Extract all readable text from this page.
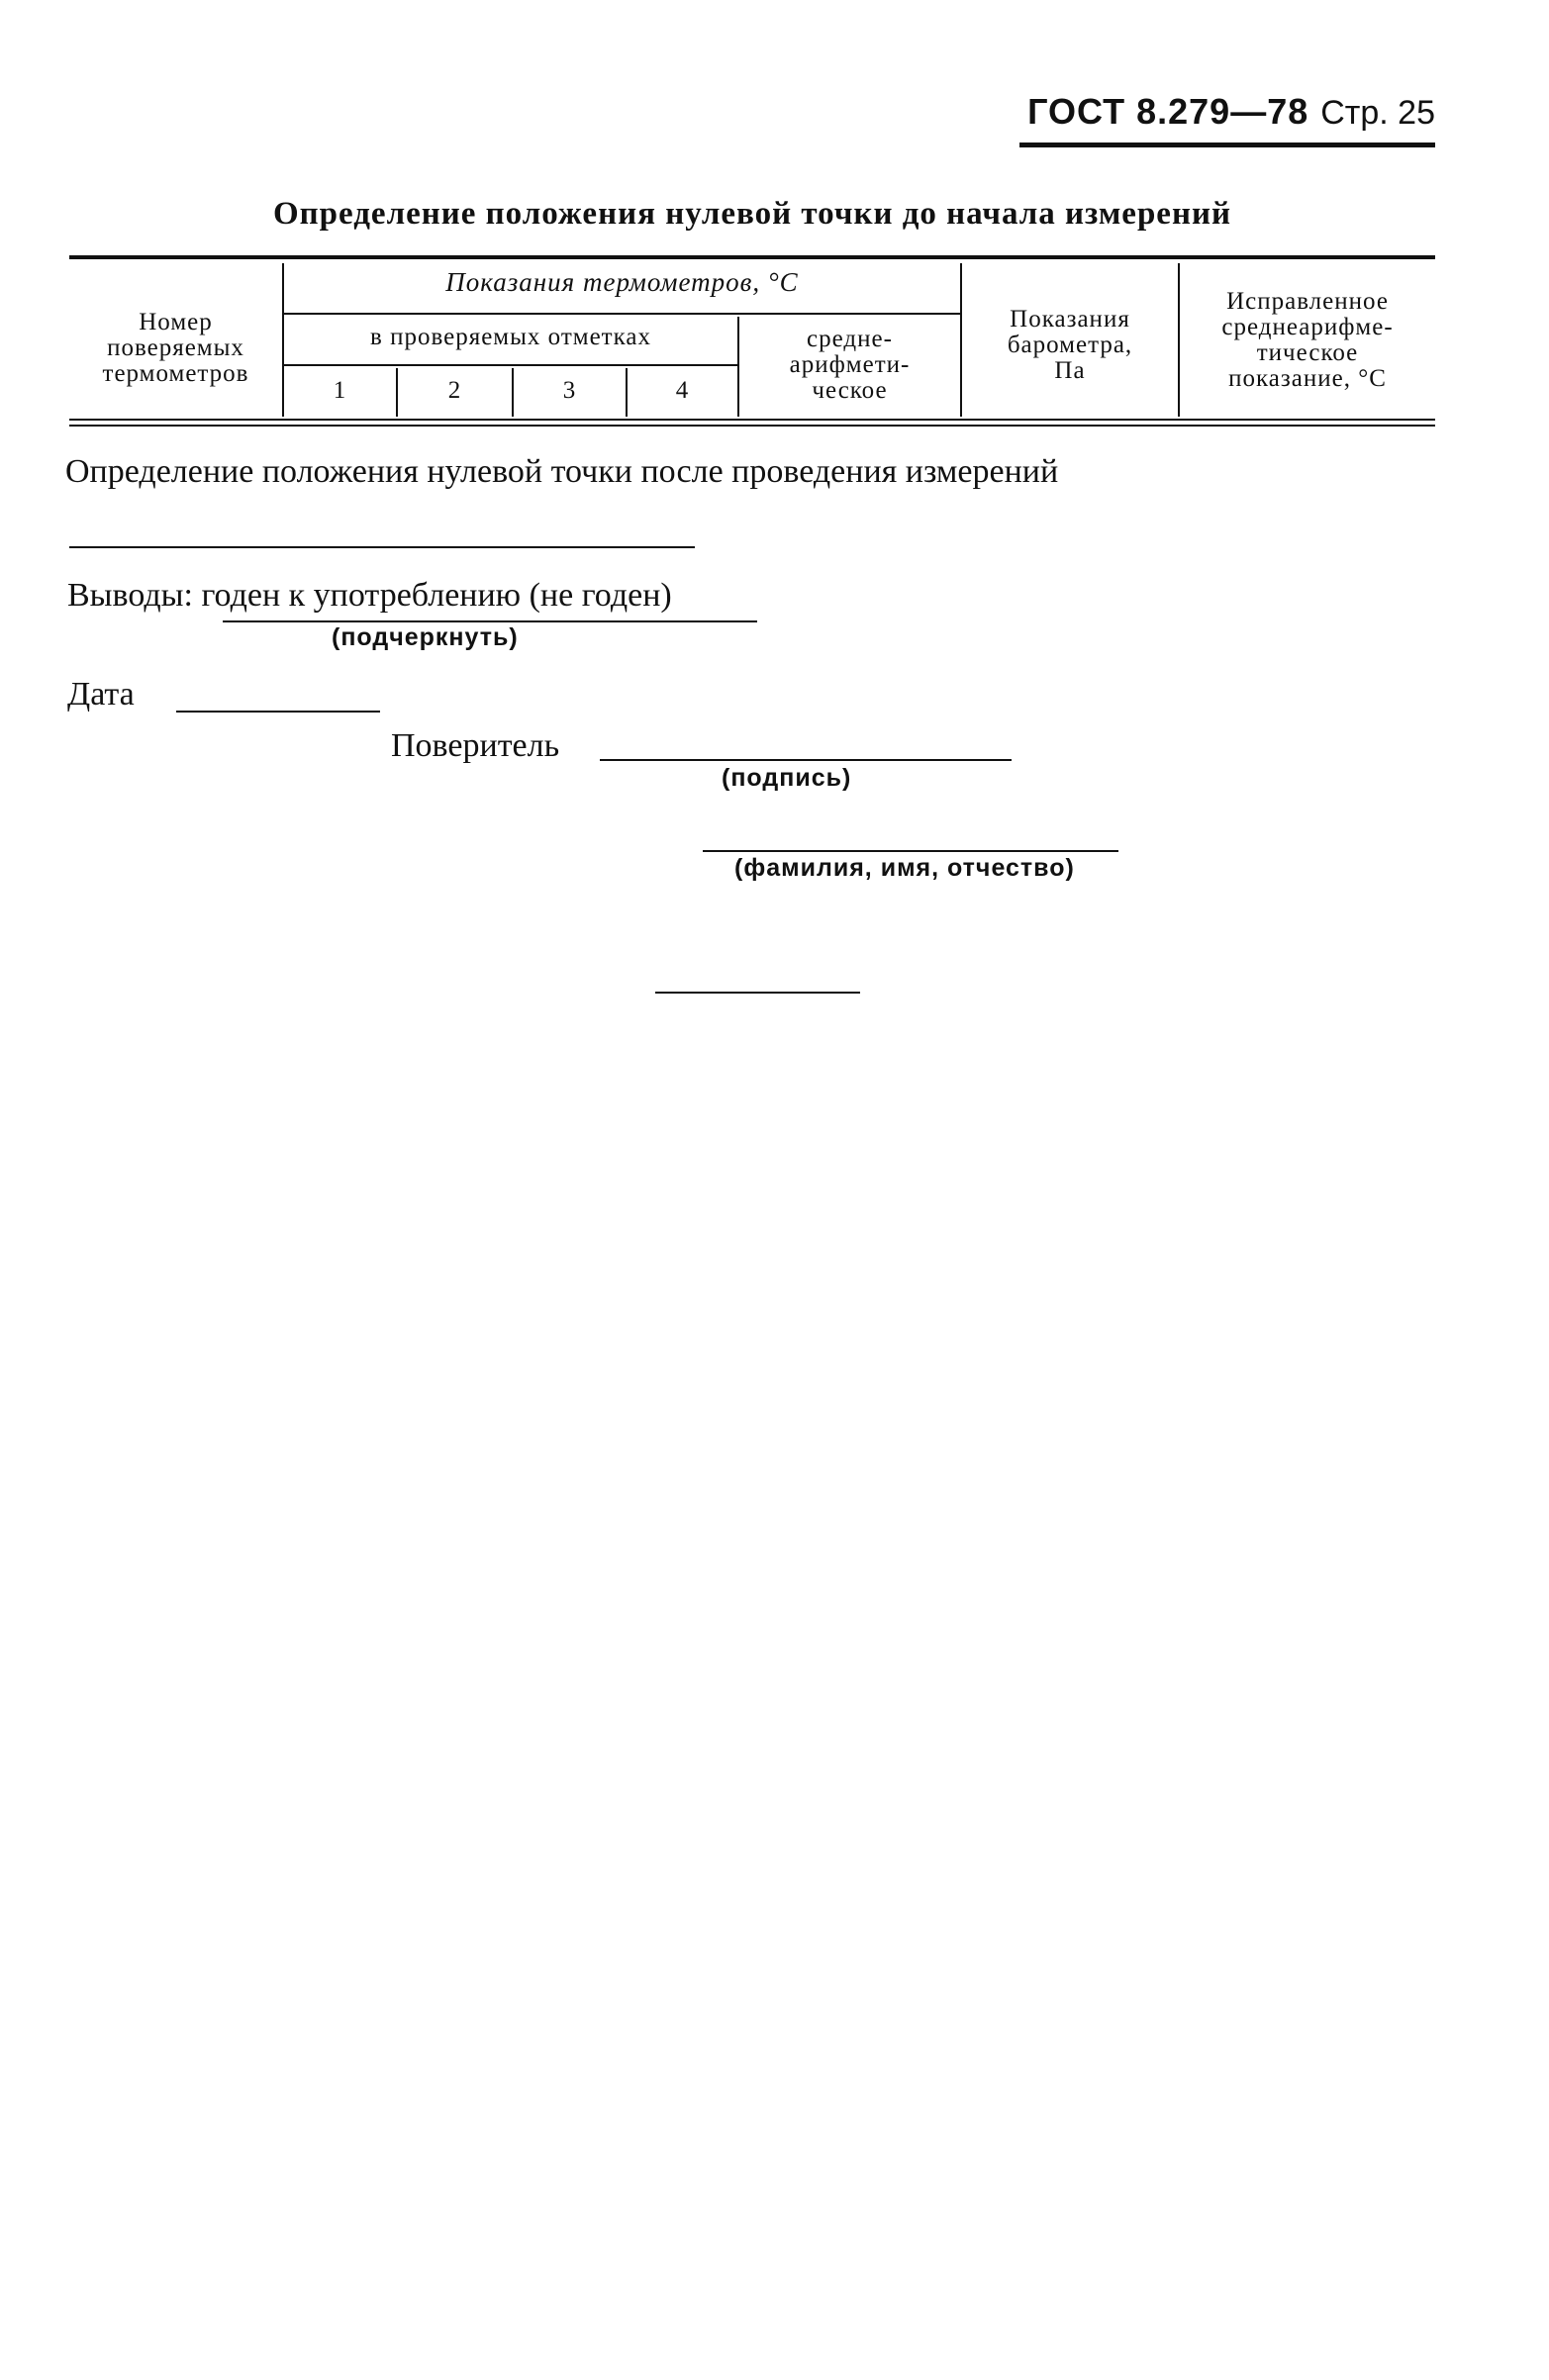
ГОСТ 8.279—78 Стр. 25
Определение положения нулевой точки до начала измерений
Номер
поверяемых
термометров
Показания термометров, °С
в проверяемых отметках
1	2	3	4
средне-
арифмети-
ческое
Показания
барометра,
Па
Исправленное
среднеарифме-
тическое
показание, °С
Определение положения нулевой точки после проведения измерений
Выводы: годен к употреблению (не годен)
(подчеркнуть)
Дата
Поверитель
(подпись)
(фамилия, имя, отчество)
